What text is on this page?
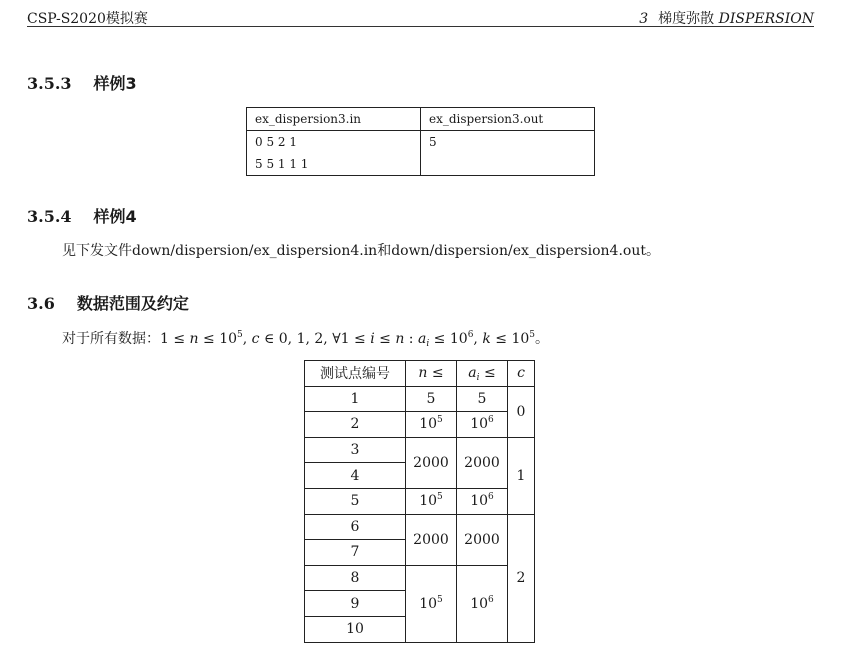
CSP-S2020模拟赛	3 梯度弥散 DISPERSION
3.5.3 样例3
ex_dispersion3.in	ex_dispersion3.out
0 5 2 1	5
5 5 1 1 1	
3.5.4 样例4
见下发文件down/dispersion/ex_dispersion4.in和down/dispersion/ex_dispersion4.out。
3.6 数据范围及约定
对于所有数据：$1 \le n \le 10^5$, c ∈ 0, 1, 2, ∀1 ≤ i ≤ n : $a_i \le 10^6$, $k \le 10^5$。
测试点编号	n ≤	$a_i$ ≤	c
1	5	5	0
2	$10^5$	$10^6$
3	2000	2000	1
4			
5	$10^5$	$10^6$
6	2000	2000	2
7			
8	$10^5$	$10^6$
9			
10			
